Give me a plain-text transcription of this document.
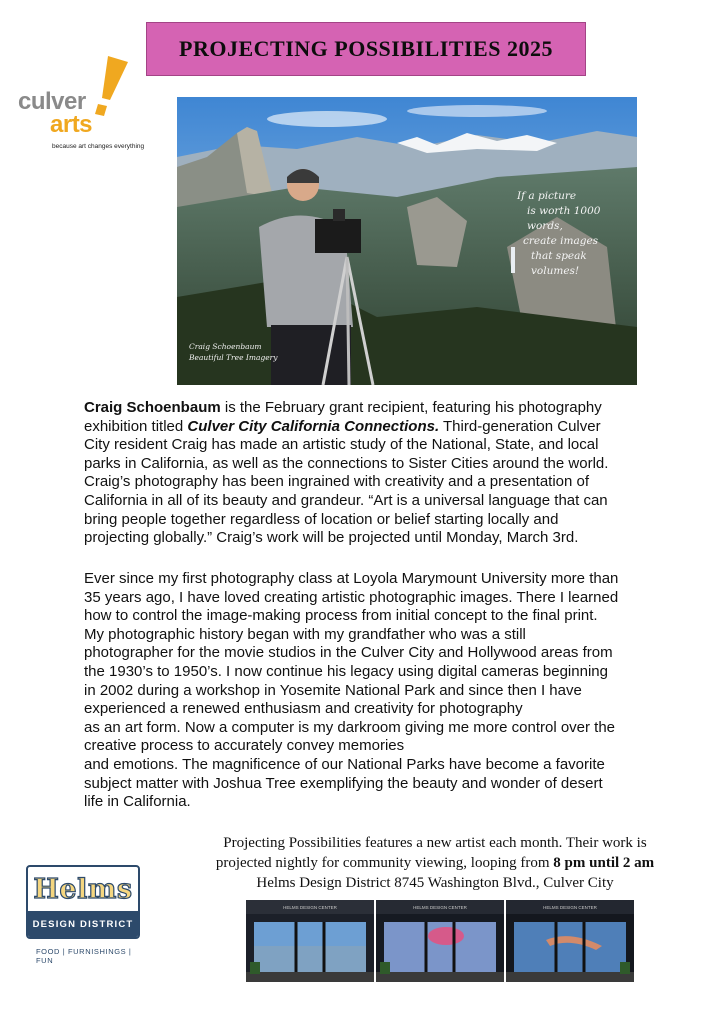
PROJECTING POSSIBILITIES 2025
culver
arts
because art changes everything
If a picture
is worth 1000 words,
create images
that speak volumes!
Craig Schoenbaum
Beautiful Tree Imagery
Craig Schoenbaum is the February grant recipient, featuring his photography
exhibition titled Culver City California Connections. Third-generation Culver
City resident Craig has made an artistic study of the National, State, and local
parks in California, as well as the connections to Sister Cities around the world.
Craig’s photography has been ingrained with creativity and a presentation of
California in all of its beauty and grandeur. “Art is a universal language that can
bring people together regardless of location or belief starting locally and
projecting globally.” Craig’s work will be projected until Monday, March 3rd.
Ever since my first photography class at Loyola Marymount University more than
35 years ago, I have loved creating artistic photographic images. There I learned
how to control the image-making process from initial concept to the final print.
My photographic history began with my grandfather who was a still
photographer for the movie studios in the Culver City and Hollywood areas from
the 1930’s to 1950’s. I now continue his legacy using digital cameras beginning
in 2002 during a workshop in Yosemite National Park and since then I have
experienced a renewed enthusiasm and creativity for photography
as an art form. Now a computer is my darkroom giving me more control over the
creative process to accurately convey memories
and emotions. The magnificence of our National Parks have become a favorite
subject matter with Joshua Tree exemplifying the beauty and wonder of desert
life in California.
Projecting Possibilities features a new artist each month. Their work is
projected nightly for community viewing, looping from 8 pm until 2 am
Helms Design District 8745 Washington Blvd., Culver City
Helms
DESIGN DISTRICT
FOOD | FURNISHINGS | FUN
HELMS DESIGN CENTER	HELMS DESIGN CENTER	HELMS DESIGN CENTER
